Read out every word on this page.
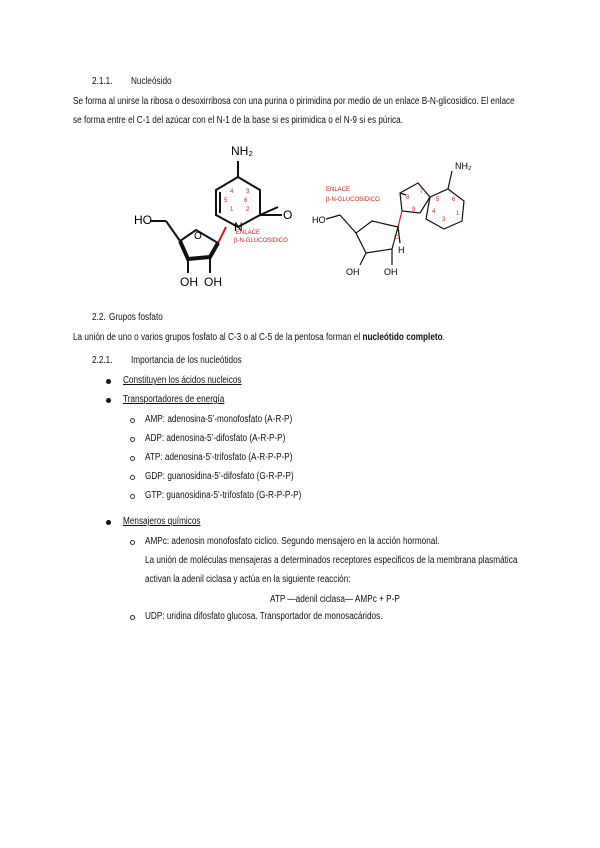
2.1.1. Nucleósido
Se forma al unirse la ribosa o desoxirribosa con una purina o pirimidina por medio de un enlace B-N-glicosidico. El enlace
se forma entre el C-1 del azúcar con el N-1 de la base si es pirimidica o el N-9 si es púrica.
4 3
2
1
5	6
NH₂
O
N
HO
O
OH OH
ENLACE
β-N-GLUCOSIDICO
8
7
9
5 6
1
3
4
NH₂
HO
OH	OH
H
C
ENLACE
β-N-GLUCOSIDICO
2.2. Grupos fosfato
La unión de uno o varios grupos fosfato al C-3 o al C-5 de la pentosa forman el nucleótido completo.
2.2.1. Importancia de los nucleótidos
Constituyen los ácidos nucleicos
Transportadores de energía
AMP: adenosina-5’-monofosfato (A-R-P)
ADP: adenosina-5’-difosfato (A-R-P-P)
ATP: adenosina-5’-trifosfato (A-R-P-P-P)
GDP: guanosidina-5’-difosfato (G-R-P-P)
GTP: guanosidina-5’-trifosfato (G-R-P-P-P)
Mensajeros químicos
AMPc: adenosin monofosfato ciclico. Segundo mensajero en la acción hormonal.
La unión de moléculas mensajeras a determinados receptores especificos de la membrana plasmática
activan la adenil ciclasa y actúa en la siguiente reacción:
ATP —adenil ciclasa— AMPc + P-P
UDP: uridina difosfato glucosa. Transportador de monosacáridos.
